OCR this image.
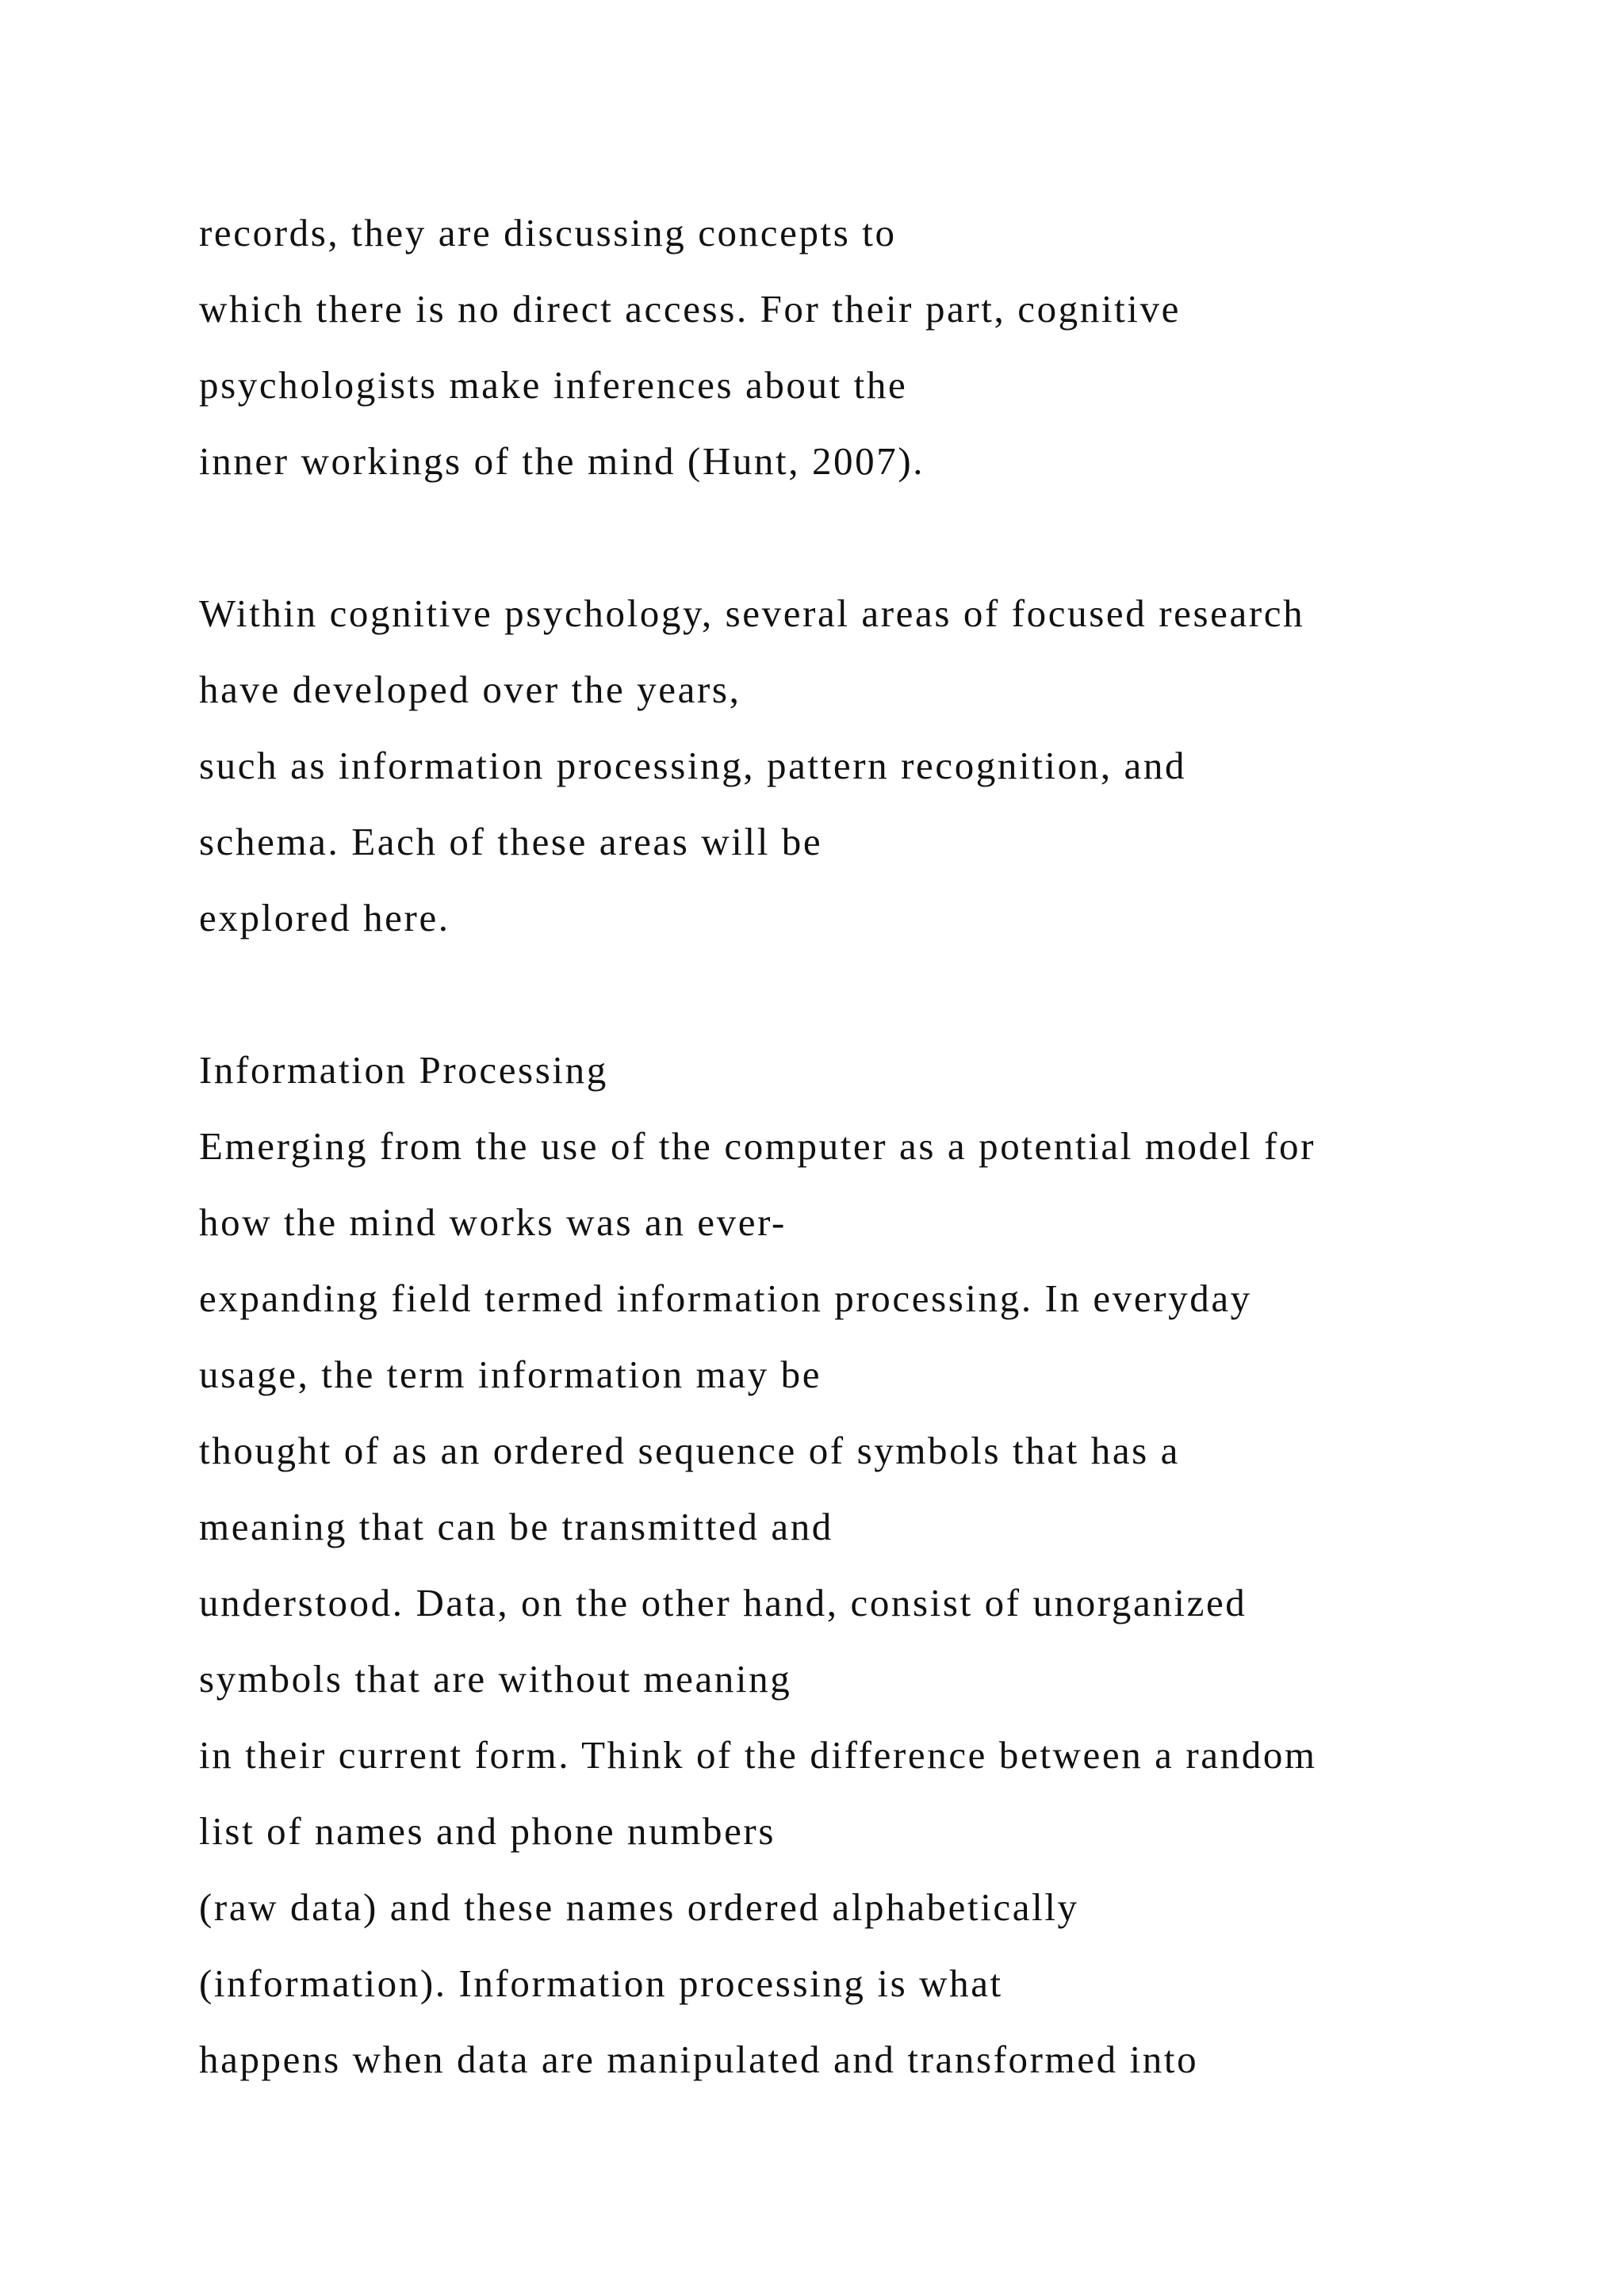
records, they are discussing concepts to
which there is no direct access. For their part, cognitive
psychologists make inferences about the
inner workings of the mind (Hunt, 2007).
Within cognitive psychology, several areas of focused research
have developed over the years,
such as information processing, pattern recognition, and
schema. Each of these areas will be
explored here.
Information Processing
Emerging from the use of the computer as a potential model for
how the mind works was an ever-
expanding field termed information processing. In everyday
usage, the term information may be
thought of as an ordered sequence of symbols that has a
meaning that can be transmitted and
understood. Data, on the other hand, consist of unorganized
symbols that are without meaning
in their current form. Think of the difference between a random
list of names and phone numbers
(raw data) and these names ordered alphabetically
(information). Information processing is what
happens when data are manipulated and transformed into
